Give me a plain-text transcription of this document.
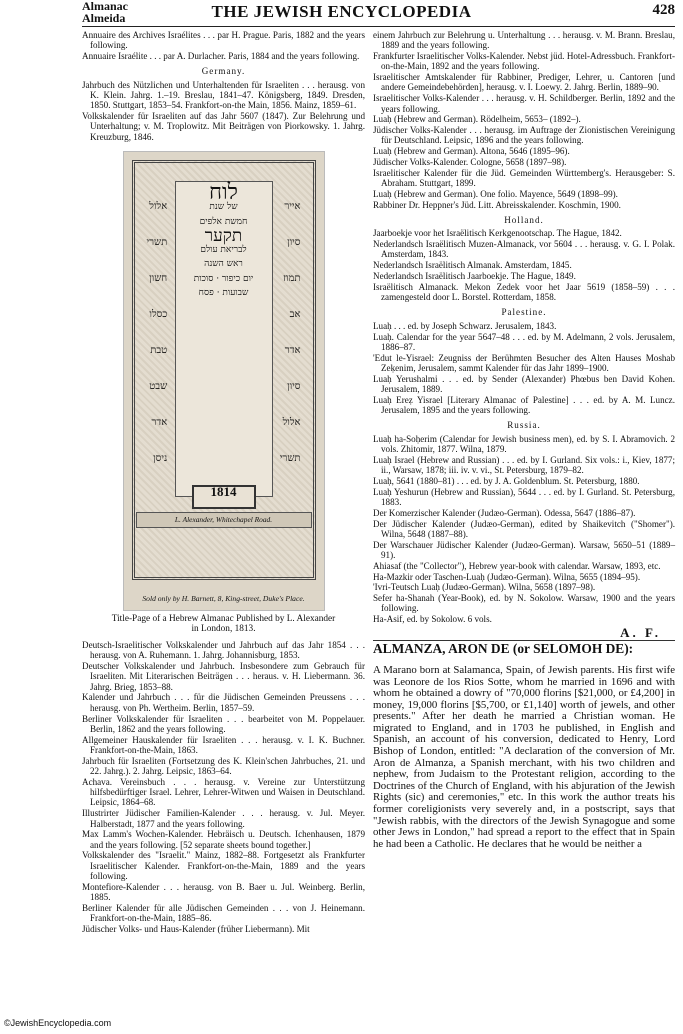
Almanac
Almeida	THE JEWISH ENCYCLOPEDIA	428

Annuaire des Archives Israélites . . . par H. Prague. Paris, 1882 and the years following.

Annuaire Israélite . . . par A. Durlacher. Paris, 1884 and the years following.

Germany.

Jahrbuch des Nützlichen und Unterhaltenden für Israeliten . . . herausg. von K. Klein. Jahrg. 1.–19. Breslau, 1841–47. Königsberg, 1849. Dresden, 1850. Stuttgart, 1853–54. Frankfort-on-the Main, 1856. Mainz, 1859–61.

Volkskalender für Israeliten auf das Jahr 5607 (1847). Zur Belehrung und Unterhaltung; v. M. Troplowitz. Mit Beiträgen von Piorkowsky. 1. Jahrg. Kreuzburg, 1846.

אלול
תשרי
חשון
כסלו
טבת
שבט
אדר
ניסן
אייר
סיון
תמוז
אב
אדר
סיון
אלול
תשרי
לוח
של שנת
חמשת אלפים
תקער
לבריאת עולם
ראש השנה
יום כיפור · סוכות
שבועות · פסח
1814
L. Alexander, Whitechapel Road.
Sold only by H. Barnett, 8, King-street, Duke's Place.
Title-Page of a Hebrew Almanac Published by L. Alexander
in London, 1813.

Deutsch-Israelitischer Volkskalender und Jahrbuch auf das Jahr 1854 . . . herausg. von A. Ruhemann. 1. Jahrg. Johannisburg, 1853.

Deutscher Volkskalender und Jahrbuch. Insbesondere zum Gebrauch für Israeliten. Mit Literarischen Beiträgen . . . heraus. v. H. Liebermann. 36. Jahrg. Brieg, 1853–88.

Kalender und Jahrbuch . . . für die Jüdischen Gemeinden Preussens . . . herausg. von Ph. Wertheim. Berlin, 1857–59.

Berliner Volkskalender für Israeliten . . . bearbeitet von M. Poppelauer. Berlin, 1862 and the years following.

Allgemeiner Hauskalender für Israeliten . . . herausg. v. I. K. Buchner. Frankfort-on-the-Main, 1863.

Jahrbuch für Israeliten (Fortsetzung des K. Klein'schen Jahrbuches, 21. und 22. Jahrg.). 2. Jahrg. Leipsic, 1863–64.

Achava. Vereinsbuch . . . herausg. v. Vereine zur Unterstützung hilfsbedürftiger Israel. Lehrer, Lehrer-Witwen und Waisen in Deutschland. Leipsic, 1864–68.

Illustrirter Jüdischer Familien-Kalender . . . herausg. v. Jul. Meyer. Halberstadt, 1877 and the years following.

Max Lamm's Wochen-Kalender. Hebräisch u. Deutsch. Ichenhausen, 1879 and the years following. [52 separate sheets bound together.]

Volkskalender des "Israelit." Mainz, 1882–88. Fortgesetzt als Frankfurter Israelitischer Kalender. Frankfort-on-the-Main, 1889 and the years following.

Montefiore-Kalender . . . herausg. von B. Baer u. Jul. Weinberg. Berlin, 1885.

Berliner Kalender für alle Jüdischen Gemeinden . . . von J. Heinemann. Frankfort-on-the-Main, 1885–86.

Jüdischer Volks- und Haus-Kalender (früher Liebermann). Mit

einem Jahrbuch zur Belehrung u. Unterhaltung . . . herausg. v. M. Brann. Breslau, 1889 and the years following.

Frankfurter Israelitischer Volks-Kalender. Nebst jüd. Hotel-Adressbuch. Frankfort-on-the-Main, 1892 and the years following.

Israelitischer Amtskalender für Rabbiner, Prediger, Lehrer, u. Cantoren [und andere Gemeindebehörden], herausg. v. I. Loewy. 2. Jahrg. Berlin, 1889–90.

Israelitischer Volks-Kalender . . . herausg. v. H. Schildberger. Berlin, 1892 and the years following.

Luaḥ (Hebrew and German). Rödelheim, 5653– (1892–).

Jüdischer Volks-Kalender . . . herausg. im Auftrage der Zionistischen Vereinigung für Deutschland. Leipsic, 1896 and the years following.

Luaḥ (Hebrew and German). Altona, 5646 (1895–96).

Jüdischer Volks-Kalender. Cologne, 5658 (1897–98).

Israelitischer Kalender für die Jüd. Gemeinden Württemberg's. Herausgeber: S. Abraham. Stuttgart, 1899.

Luaḥ (Hebrew and German). One folio. Mayence, 5649 (1898–99).

Rabbiner Dr. Heppner's Jüd. Litt. Abreisskalender. Koschmin, 1900.

Holland.

Jaarboekje voor het Israëlitisch Kerkgenootschap. The Hague, 1842.

Nederlandsch Israëlitisch Muzen-Almanack, vor 5604 . . . herausg. v. G. I. Polak. Amsterdam, 1843.

Nederlandsch Israëlitisch Almanak. Amsterdam, 1845.

Nederlandsch Israëlitisch Jaarboekje. The Hague, 1849.

Israëlitisch Almanack. Mekon Zedek voor het Jaar 5619 (1858–59) . . . zamengesteld door L. Borstel. Rotterdam, 1858.

Palestine.

Luaḥ . . . ed. by Joseph Schwarz. Jerusalem, 1843.

Luaḥ. Calendar for the year 5647–48 . . . ed. by M. Adelmann, 2 vols. Jerusalem, 1886–87.

'Edut le-Yisrael: Zeugniss der Berühmten Besucher des Alten Hauses Moshab Zeḳenim, Jerusalem, sammt Kalender für das Jahr 1899–1900.

Luaḥ Yerushalmi . . . ed. by Sender (Alexander) Phœbus ben David Kohen. Jerusalem, 1889.

Luaḥ Ereẓ Yisrael [Literary Almanac of Palestine] . . . ed. by A. M. Luncz. Jerusalem, 1895 and the years following.

Russia.

Luaḥ ha-Soḥerim (Calendar for Jewish business men), ed. by S. I. Abramovich. 2 vols. Zhitomir, 1877. Wilna, 1879.

Luaḥ Israel (Hebrew and Russian) . . . ed. by I. Gurland. Six vols.: i., Kiev, 1877; ii., Warsaw, 1878; iii. iv. v. vi., St. Petersburg, 1879–82.

Luaḥ, 5641 (1880–81) . . . ed. by J. A. Goldenblum. St. Petersburg, 1880.

Luaḥ Yeshurun (Hebrew and Russian), 5644 . . . ed. by I. Gurland. St. Petersburg, 1883.

Der Komerzischer Kalender (Judæo-German). Odessa, 5647 (1886–87).

Der Jüdischer Kalender (Judæo-German), edited by Shaikevitch ("Shomer"). Wilna, 5648 (1887–88).

Der Warschauer Jüdischer Kalender (Judæo-German). Warsaw, 5650–51 (1889–91).

Ahiasaf (the "Collector"), Hebrew year-book with calendar. Warsaw, 1893, etc.

Ha-Mazkir oder Taschen-Luaḥ (Judæo-German). Wilna, 5655 (1894–95).

'Ivri-Teutsch Luaḥ (Judæo-German). Wilna, 5658 (1897–98).

Sefer ha-Shanah (Year-Book), ed. by N. Sokolow. Warsaw, 1900 and the years following.

Ha-Asif, ed. by Sokolow. 6 vols.

A. F.
ALMANZA, ARON DE (or SELOMOH DE):

A Marano born at Salamanca, Spain, of Jewish parents. His first wife was Leonore de los Rios Sotte, whom he married in 1696 and with whom he obtained a dowry of "70,000 florins [$21,000, or £4,200] in money, 19,000 florins [$5,700, or £1,140] worth of jewels, and other presents." After her death he married a Christian woman. He migrated to England, and in 1703 he published, in English and Spanish, an account of his conversion, dedicated to Henry, Lord Bishop of London, entitled: "A declaration of the conversion of Mr. Aron de Almanza, a Spanish merchant, with his two children and nephew, from Judaism to the Protestant religion, according to the Doctrines of the Church of England, with his abjuration of the Jewish Rights (sic) and ceremonies," etc. In this work the author treats his former coreligionists very severely and, in a postscript, says that "Jewish rabbis, with the directors of the Jewish Synagogue and some other Jews in London," had spread a report to the effect that in Spain he had been a Catholic. He declares that he would be neither a

©JewishEncyclopedia.com
